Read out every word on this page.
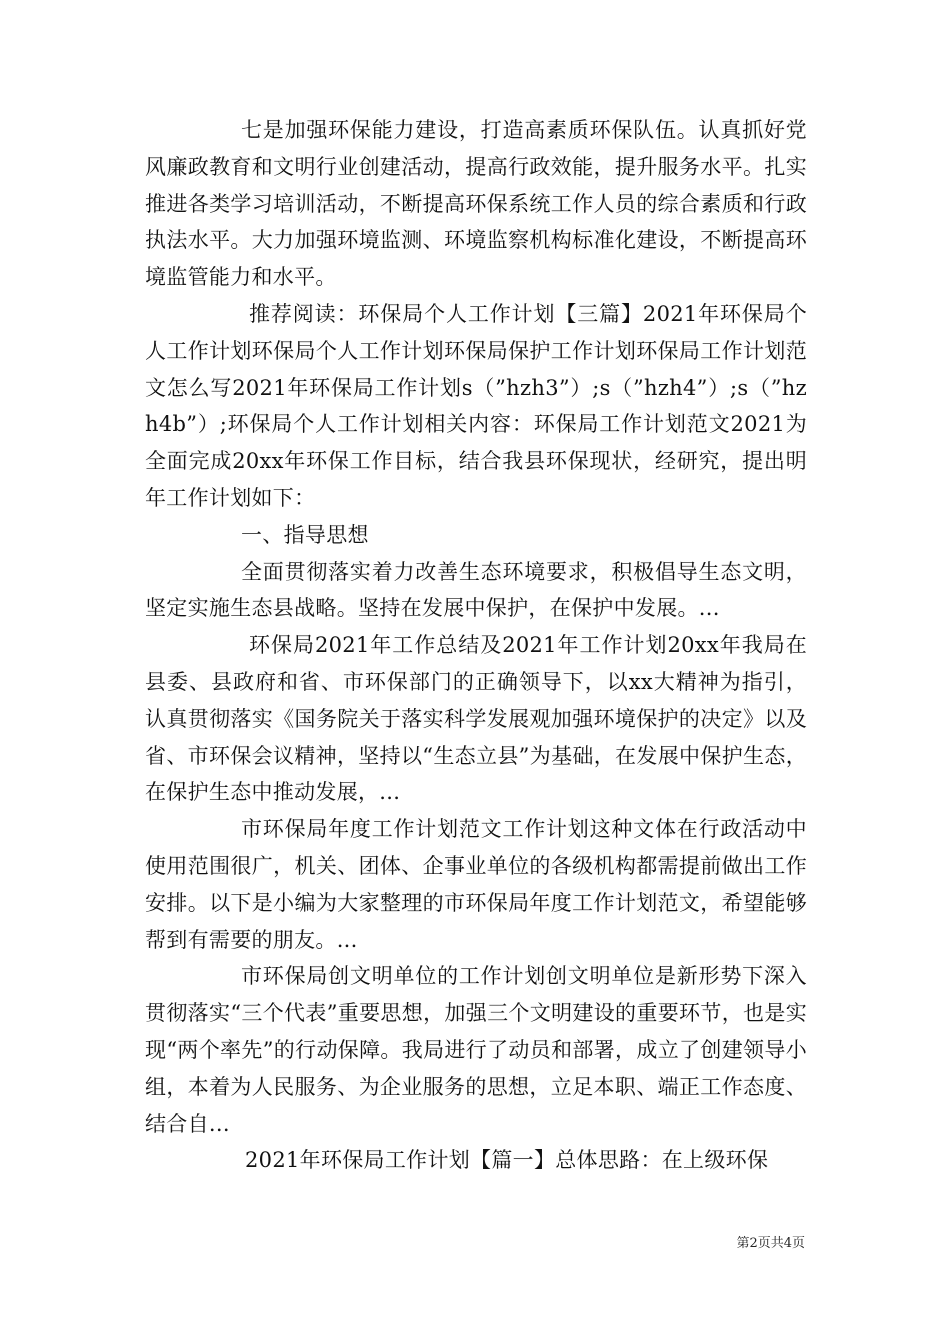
七是加强环保能力建设，打造高素质环保队伍。认真抓好党风廉政教育和文明行业创建活动，提高行政效能，提升服务水平。扎实推进各类学习培训活动，不断提高环保系统工作人员的综合素质和行政执法水平。大力加强环境监测、环境监察机构标准化建设，不断提高环境监管能力和水平。

推荐阅读：环保局个人工作计划【三篇】2021年环保局个人工作计划环保局个人工作计划环保局保护工作计划环保局工作计划范文怎么写2021年环保局工作计划s（”hzh3”）;s（”hzh4”）;s（”hzh4b”）;环保局个人工作计划相关内容：环保局工作计划范文2021为全面完成20xx年环保工作目标，结合我县环保现状，经研究，提出明年工作计划如下：

一、指导思想

全面贯彻落实着力改善生态环境要求，积极倡导生态文明，坚定实施生态县战略。坚持在发展中保护，在保护中发展。...

环保局2021年工作总结及2021年工作计划20xx年我局在县委、县政府和省、市环保部门的正确领导下，以xx大精神为指引，认真贯彻落实《国务院关于落实科学发展观加强环境保护的决定》以及省、市环保会议精神，坚持以“生态立县”为基础，在发展中保护生态，在保护生态中推动发展，...

市环保局年度工作计划范文工作计划这种文体在行政活动中使用范围很广，机关、团体、企事业单位的各级机构都需提前做出工作安排。以下是小编为大家整理的市环保局年度工作计划范文，希望能够帮到有需要的朋友。...

市环保局创文明单位的工作计划创文明单位是新形势下深入贯彻落实“三个代表”重要思想，加强三个文明建设的重要环节，也是实现“两个率先”的行动保障。我局进行了动员和部署，成立了创建领导小组，本着为人民服务、为企业服务的思想，立足本职、端正工作态度、结合自...

2021年环保局工作计划【篇一】总体思路：在上级环保

第2页共4页
